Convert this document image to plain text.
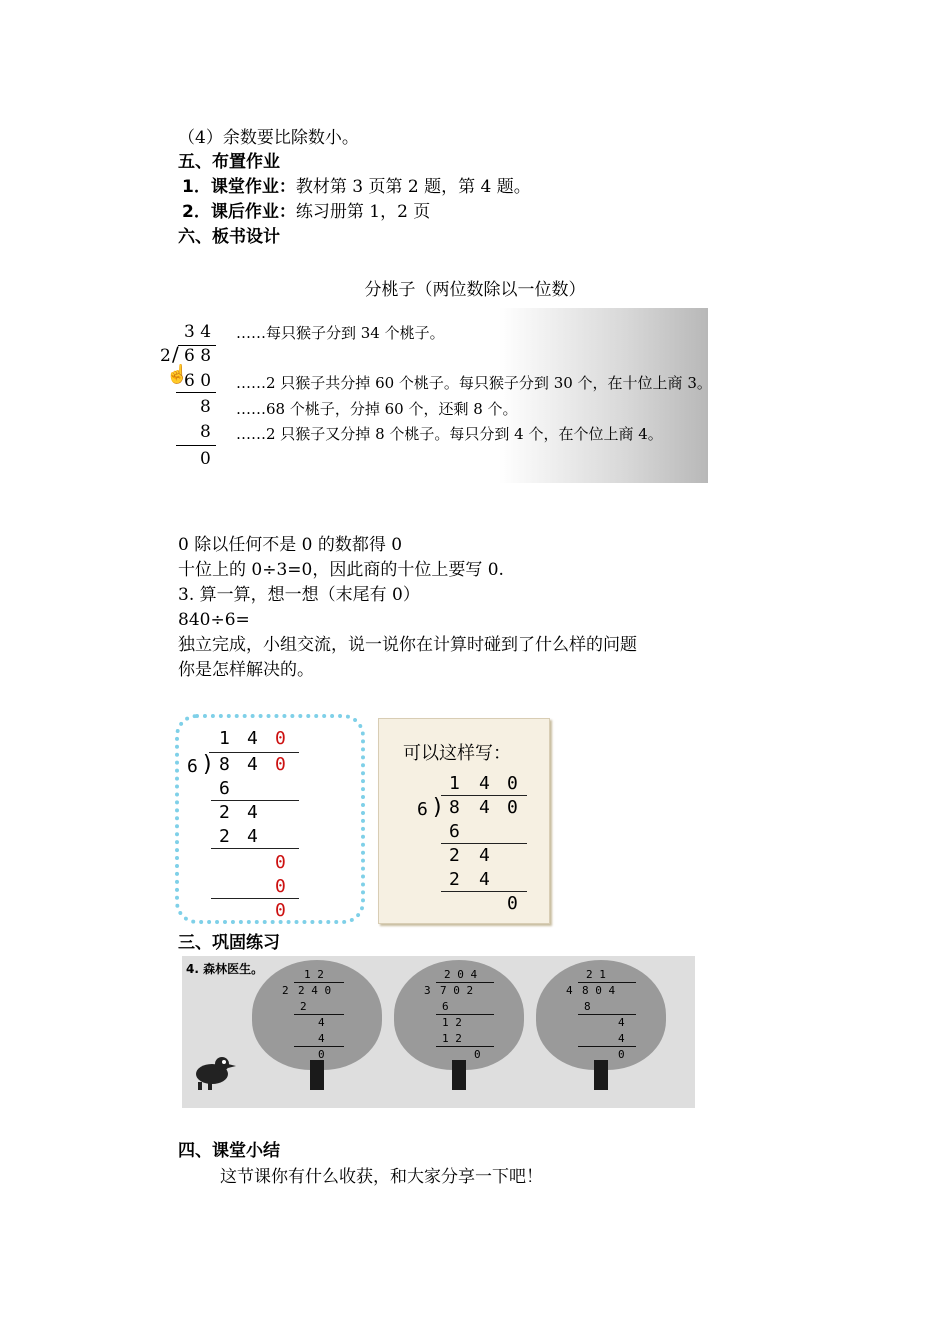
（4）余数要比除数小。
五、布置作业
1．课堂作业：教材第 3 页第 2 题，第 4 题。
2．课后作业：练习册第 1，2 页
六、板书设计
分桃子（两位数除以一位数）
3 4
2 / 6 8
☝
6 0
8
8
0
……每只猴子分到 34 个桃子。
……2 只猴子共分掉 60 个桃子。每只猴子分到 30 个，在十位上商 3。
……68 个桃子，分掉 60 个，还剩 8 个。
……2 只猴子又分掉 8 个桃子。每只分到 4 个，在个位上商 4。
0 除以任何不是 0 的数都得 0
十位上的 0÷3=0，因此商的十位上要写 0.
3. 算一算，想一想（末尾有 0）
840÷6=
独立完成，小组交流，说一说你在计算时碰到了什么样的问题
你是怎样解决的。
1 4 0
6 ) 8 4 0
6
2 4
2 4
0
0
0
可以这样写：
1 4 0
6 ) 8 4 0
6
2 4
2 4
0
三、巩固练习
4. 森林医生。	1 2
2 2 4 0
2
4
4
0
2 0 4
3 7 0 2
6
1 2
1 2
0
2 1
4 8 0 4
8
4
4
0
四、课堂小结
这节课你有什么收获，和大家分享一下吧！
